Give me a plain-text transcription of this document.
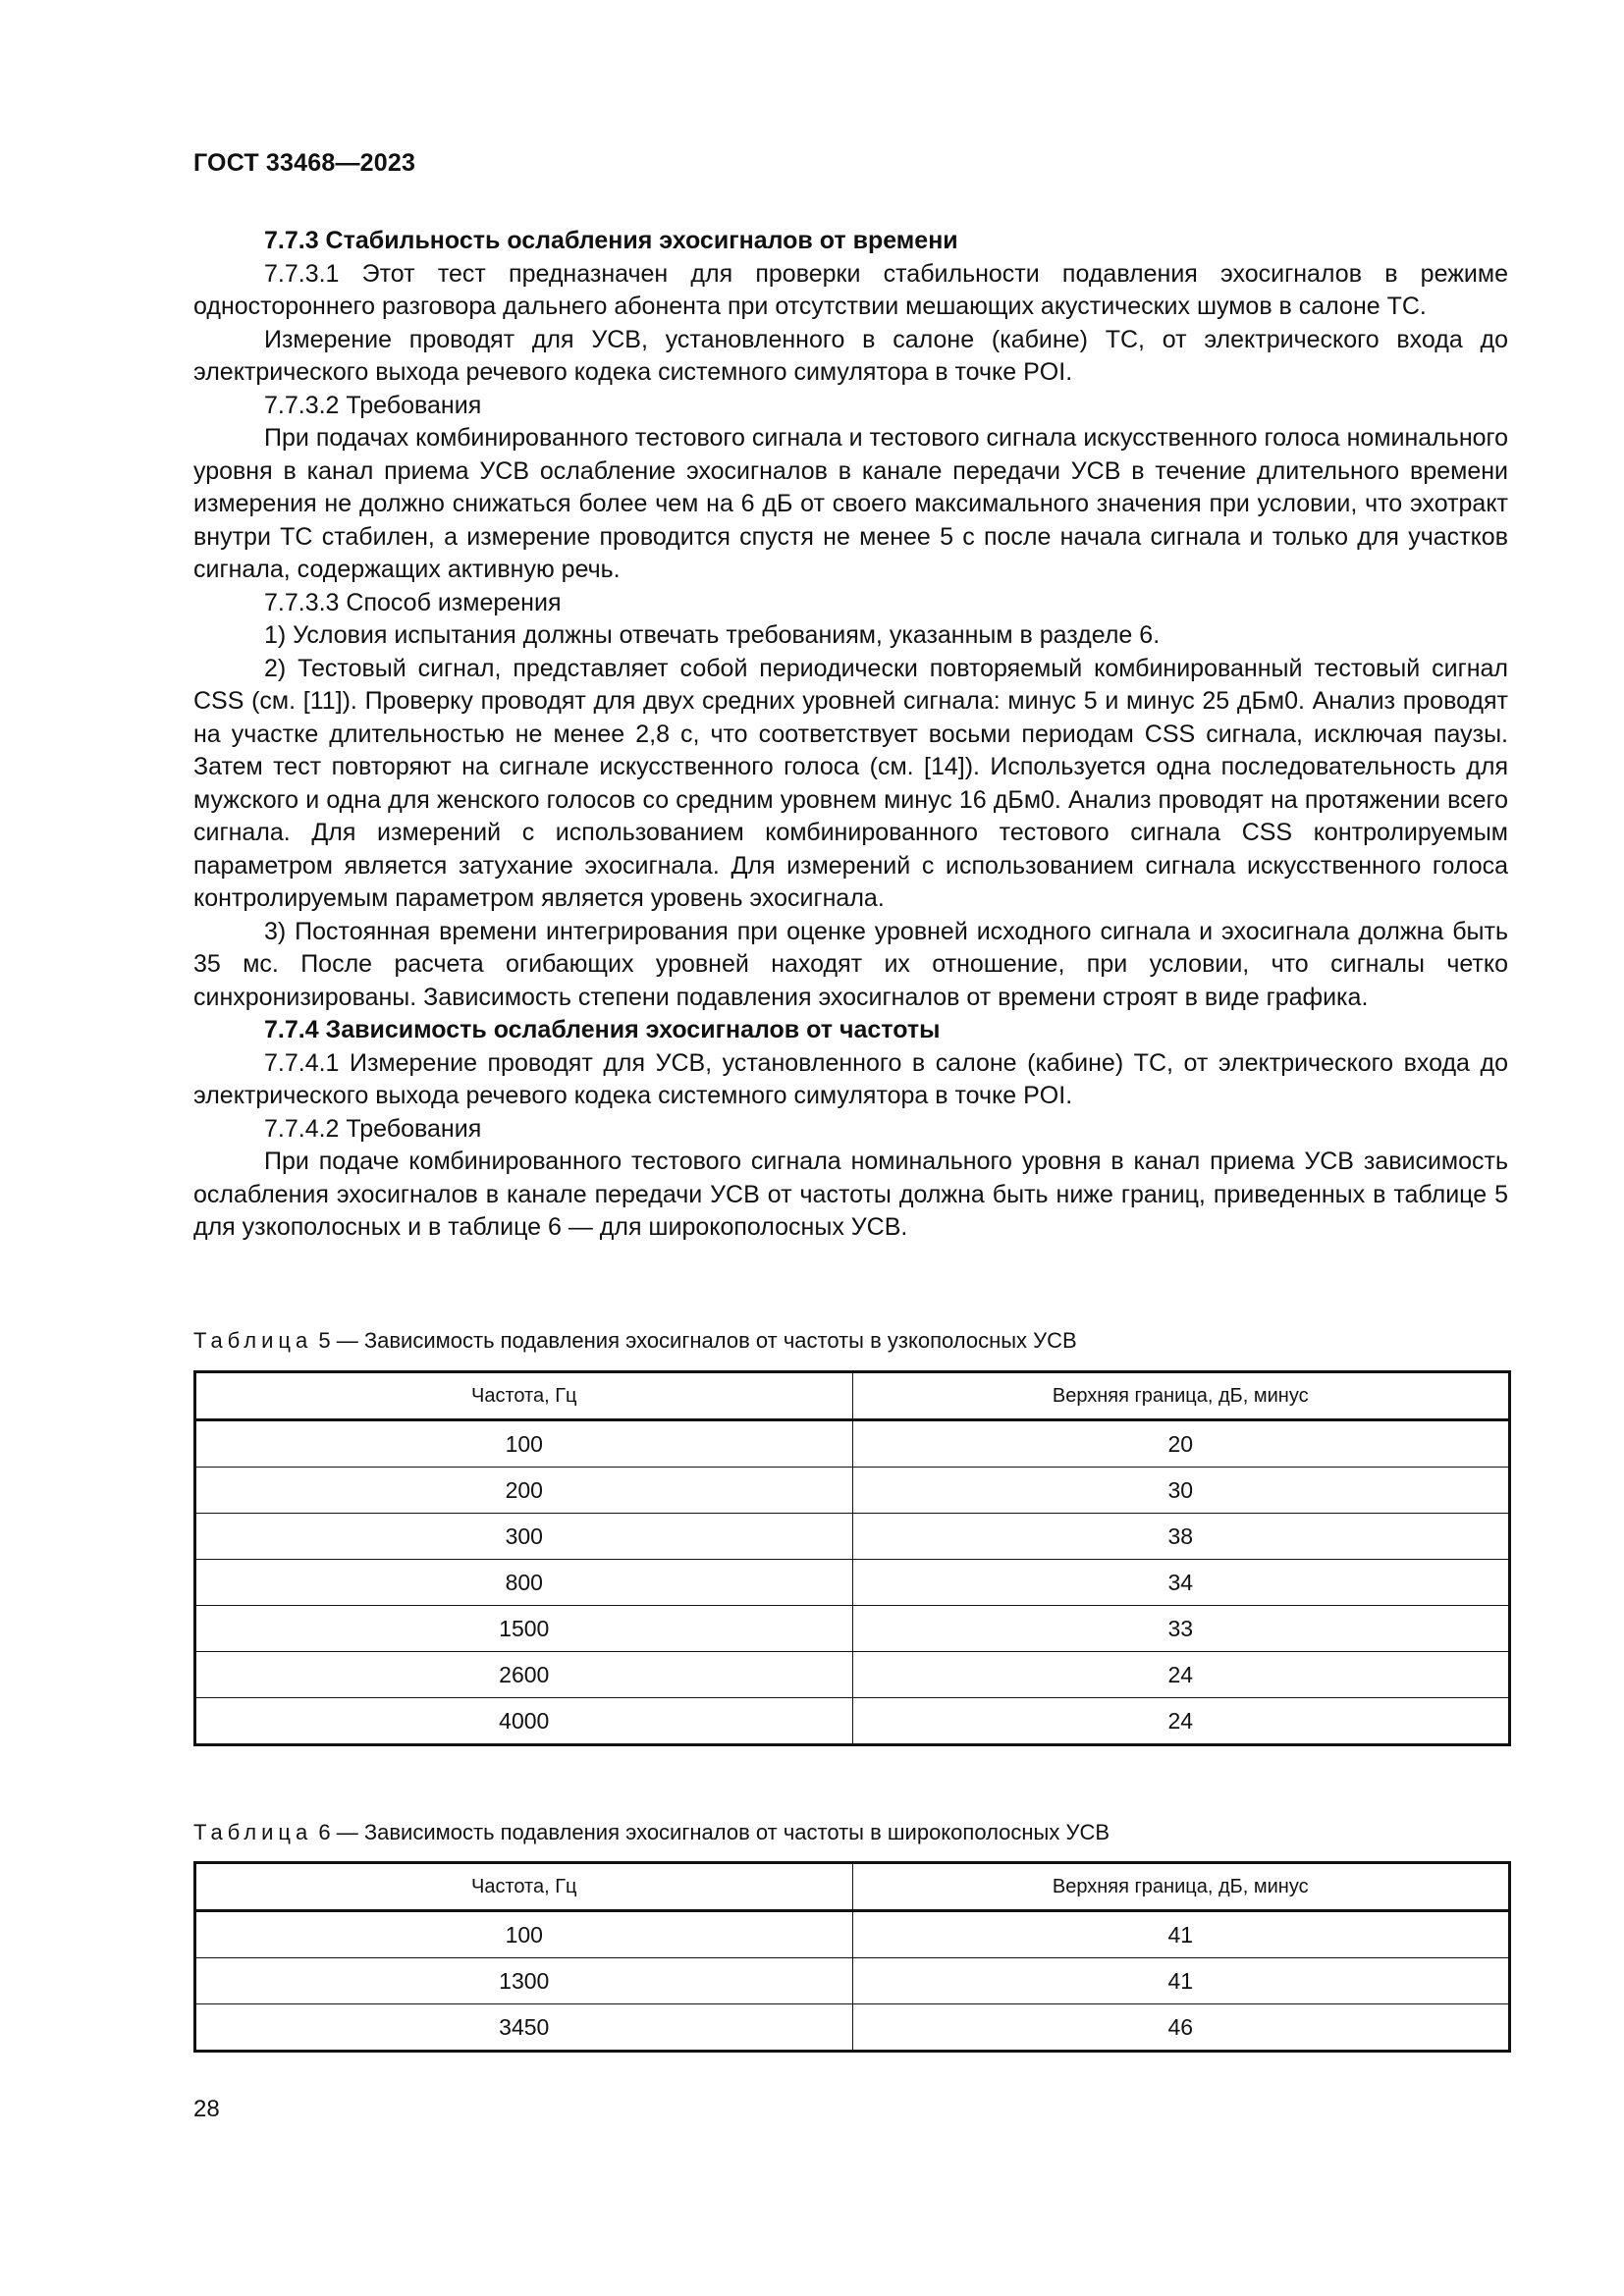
ГОСТ 33468—2023

7.7.3 Стабильность ослабления эхосигналов от времени

7.7.3.1 Этот тест предназначен для проверки стабильности подавления эхосигналов в режиме одностороннего разговора дальнего абонента при отсутствии мешающих акустических шумов в салоне ТС.

Измерение проводят для УСВ, установленного в салоне (кабине) ТС, от электрического входа до электрического выхода речевого кодека системного симулятора в точке POI.

7.7.3.2 Требования

При подачах комбинированного тестового сигнала и тестового сигнала искусственного голоса номинального уровня в канал приема УСВ ослабление эхосигналов в канале передачи УСВ в течение длительного времени измерения не должно снижаться более чем на 6 дБ от своего максимального значения при условии, что эхотракт внутри ТС стабилен, а измерение проводится спустя не менее 5 с после начала сигнала и только для участков сигнала, содержащих активную речь.

7.7.3.3 Способ измерения

1) Условия испытания должны отвечать требованиям, указанным в разделе 6.

2) Тестовый сигнал, представляет собой периодически повторяемый комбинированный тестовый сигнал CSS (см. [11]). Проверку проводят для двух средних уровней сигнала: минус 5 и минус 25 дБм0. Анализ проводят на участке длительностью не менее 2,8 с, что соответствует восьми периодам CSS сигнала, исключая паузы. Затем тест повторяют на сигнале искусственного голоса (см. [14]). Используется одна последовательность для мужского и одна для женского голосов со средним уровнем минус 16 дБм0. Анализ проводят на протяжении всего сигнала. Для измерений с использованием комбинированного тестового сигнала CSS контролируемым параметром является затухание эхосигнала. Для измерений с использованием сигнала искусственного голоса контролируемым параметром является уровень эхосигнала.

3) Постоянная времени интегрирования при оценке уровней исходного сигнала и эхосигнала должна быть 35 мс. После расчета огибающих уровней находят их отношение, при условии, что сигналы четко синхронизированы. Зависимость степени подавления эхосигналов от времени строят в виде графика.

7.7.4 Зависимость ослабления эхосигналов от частоты

7.7.4.1 Измерение проводят для УСВ, установленного в салоне (кабине) ТС, от электрического входа до электрического выхода речевого кодека системного симулятора в точке POI.

7.7.4.2 Требования

При подаче комбинированного тестового сигнала номинального уровня в канал приема УСВ зависимость ослабления эхосигналов в канале передачи УСВ от частоты должна быть ниже границ, приведенных в таблице 5 для узкополосных и в таблице 6 — для широкополосных УСВ.

Таблица 5 — Зависимость подавления эхосигналов от частоты в узкополосных УСВ
Частота, Гц	Верхняя граница, дБ, минус
100	20
200	30
300	38
800	34
1500	33
2600	24
4000	24
Таблица 6 — Зависимость подавления эхосигналов от частоты в широкополосных УСВ
Частота, Гц	Верхняя граница, дБ, минус
100	41
1300	41
3450	46
28
